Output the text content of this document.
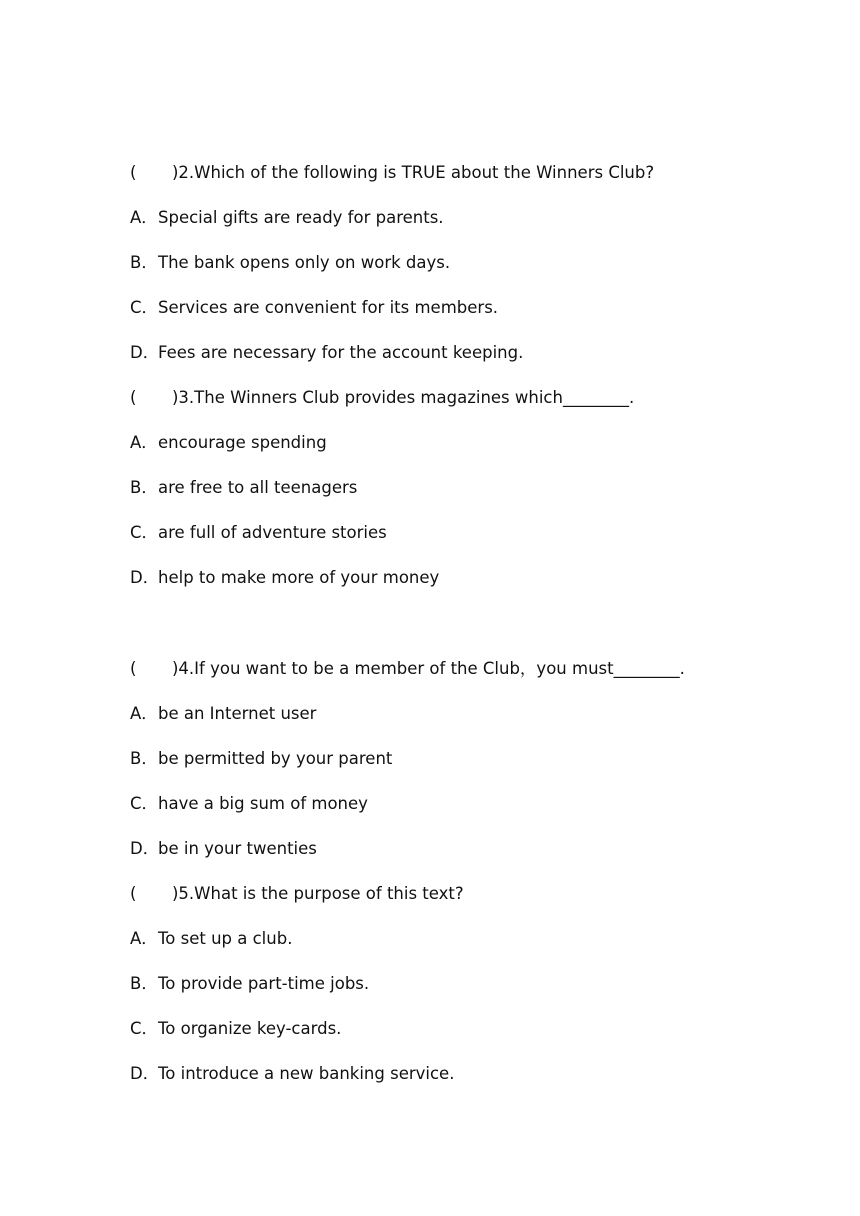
( )2.Which of the following is TRUE about the Winners Club?
A．Special gifts are ready for parents.
B．The bank opens only on work days.
C．Services are convenient for its members.
D．Fees are necessary for the account keeping.
( )3.The Winners Club provides magazines which________.
A．encourage spending
B．are free to all teenagers
C．are full of adventure stories
D．help to make more of your money
( )4.If you want to be a member of the Club，you must________.
A．be an Internet user
B．be permitted by your parent
C．have a big sum of money
D．be in your twenties
( )5.What is the purpose of this text?
A．To set up a club.
B．To provide part-time jobs.
C．To organize key-cards.
D．To introduce a new banking service.
